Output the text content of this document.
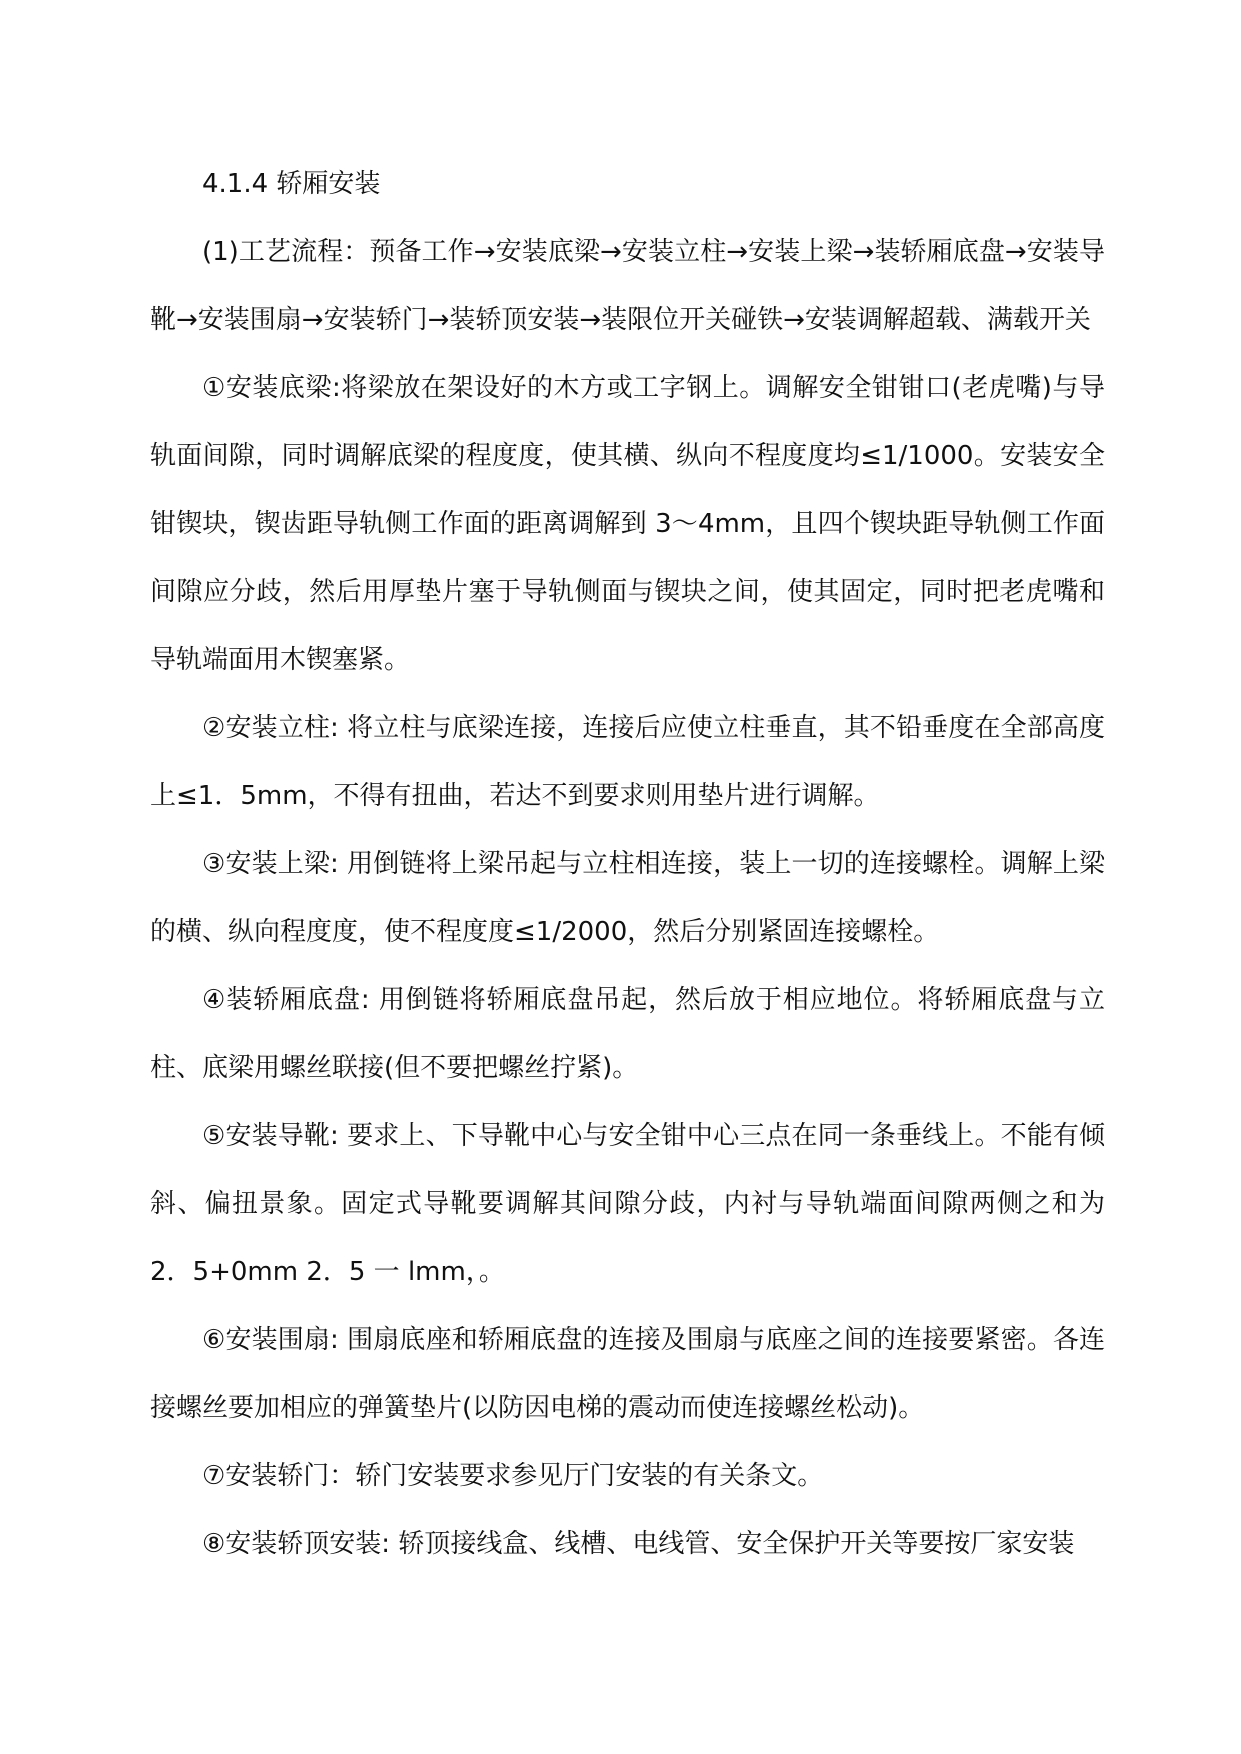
4.1.4 轿厢安装

(1)工艺流程：预备工作→安装底梁→安装立柱→安装上梁→装轿厢底盘→安装导靴→安装围扇→安装轿门→装轿顶安装→装限位开关碰铁→安装调解超载、满载开关

①安装底梁:将梁放在架设好的木方或工字钢上。调解安全钳钳口(老虎嘴)与导轨面间隙，同时调解底梁的程度度，使其横、纵向不程度度均≤1/1000。安装安全钳锲块，锲齿距导轨侧工作面的距离调解到 3～4mm，且四个锲块距导轨侧工作面间隙应分歧，然后用厚垫片塞于导轨侧面与锲块之间，使其固定，同时把老虎嘴和导轨端面用木锲塞紧。

②安装立柱: 将立柱与底梁连接，连接后应使立柱垂直，其不铅垂度在全部高度上≤1．5mm，不得有扭曲，若达不到要求则用垫片进行调解。

③安装上梁: 用倒链将上梁吊起与立柱相连接，装上一切的连接螺栓。调解上梁的横、纵向程度度，使不程度度≤1/2000，然后分别紧固连接螺栓。

④装轿厢底盘: 用倒链将轿厢底盘吊起，然后放于相应地位。将轿厢底盘与立柱、底梁用螺丝联接(但不要把螺丝拧紧)。

⑤安装导靴: 要求上、下导靴中心与安全钳中心三点在同一条垂线上。不能有倾斜、偏扭景象。固定式导靴要调解其间隙分歧，内衬与导轨端面间隙两侧之和为 2．5+0mm 2．5 一 lmm，。

⑥安装围扇: 围扇底座和轿厢底盘的连接及围扇与底座之间的连接要紧密。各连接螺丝要加相应的弹簧垫片(以防因电梯的震动而使连接螺丝松动)。

⑦安装轿门：轿门安装要求参见厅门安装的有关条文。

⑧安装轿顶安装: 轿顶接线盒、线槽、电线管、安全保护开关等要按厂家安装
